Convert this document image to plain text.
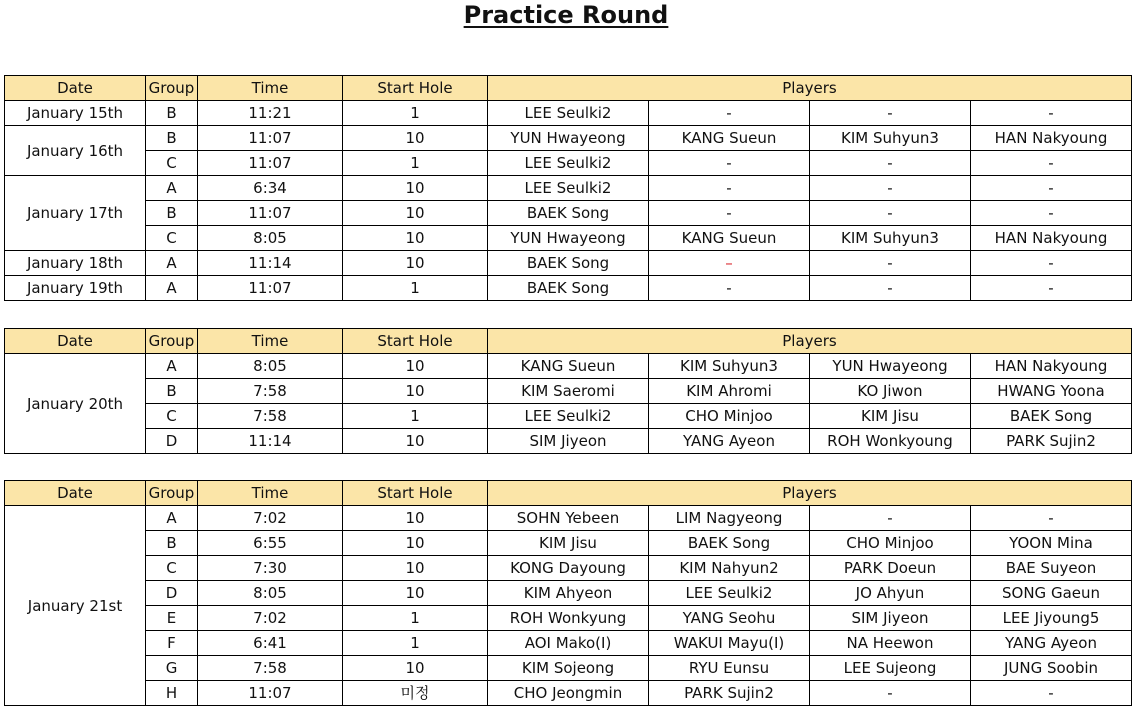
Practice Round
Date	Group	Time	Start Hole	Players			
January 15th	B	11:21	1	LEE Seulki2	-	-	-
January 16th	B	11:07	10	YUN Hwayeong	KANG Sueun	KIM Suhyun3	HAN Nakyoung
	C	11:07	1	LEE Seulki2	-	-	-
January 17th	A	6:34	10	LEE Seulki2	-	-	-
	B	11:07	10	BAEK Song	-	-	-
	C	8:05	10	YUN Hwayeong	KANG Sueun	KIM Suhyun3	HAN Nakyoung
January 18th	A	11:14	10	BAEK Song	–	-	-
January 19th	A	11:07	1	BAEK Song	-	-	-
Date	Group	Time	Start Hole	Players			
January 20th	A	8:05	10	KANG Sueun	KIM Suhyun3	YUN Hwayeong	HAN Nakyoung
	B	7:58	10	KIM Saeromi	KIM Ahromi	KO Jiwon	HWANG Yoona
	C	7:58	1	LEE Seulki2	CHO Minjoo	KIM Jisu	BAEK Song
	D	11:14	10	SIM Jiyeon	YANG Ayeon	ROH Wonkyoung	PARK Sujin2
Date	Group	Time	Start Hole	Players			
January 21st	A	7:02	10	SOHN Yebeen	LIM Nagyeong	-	-
	B	6:55	10	KIM Jisu	BAEK Song	CHO Minjoo	YOON Mina
	C	7:30	10	KONG Dayoung	KIM Nahyun2	PARK Doeun	BAE Suyeon
	D	8:05	10	KIM Ahyeon	LEE Seulki2	JO Ahyun	SONG Gaeun
	E	7:02	1	ROH Wonkyung	YANG Seohu	SIM Jiyeon	LEE Jiyoung5
	F	6:41	1	AOI Mako(I)	WAKUI Mayu(I)	NA Heewon	YANG Ayeon
	G	7:58	10	KIM Sojeong	RYU Eunsu	LEE Sujeong	JUNG Soobin
	H	11:07	미정	CHO Jeongmin	PARK Sujin2	-	-
